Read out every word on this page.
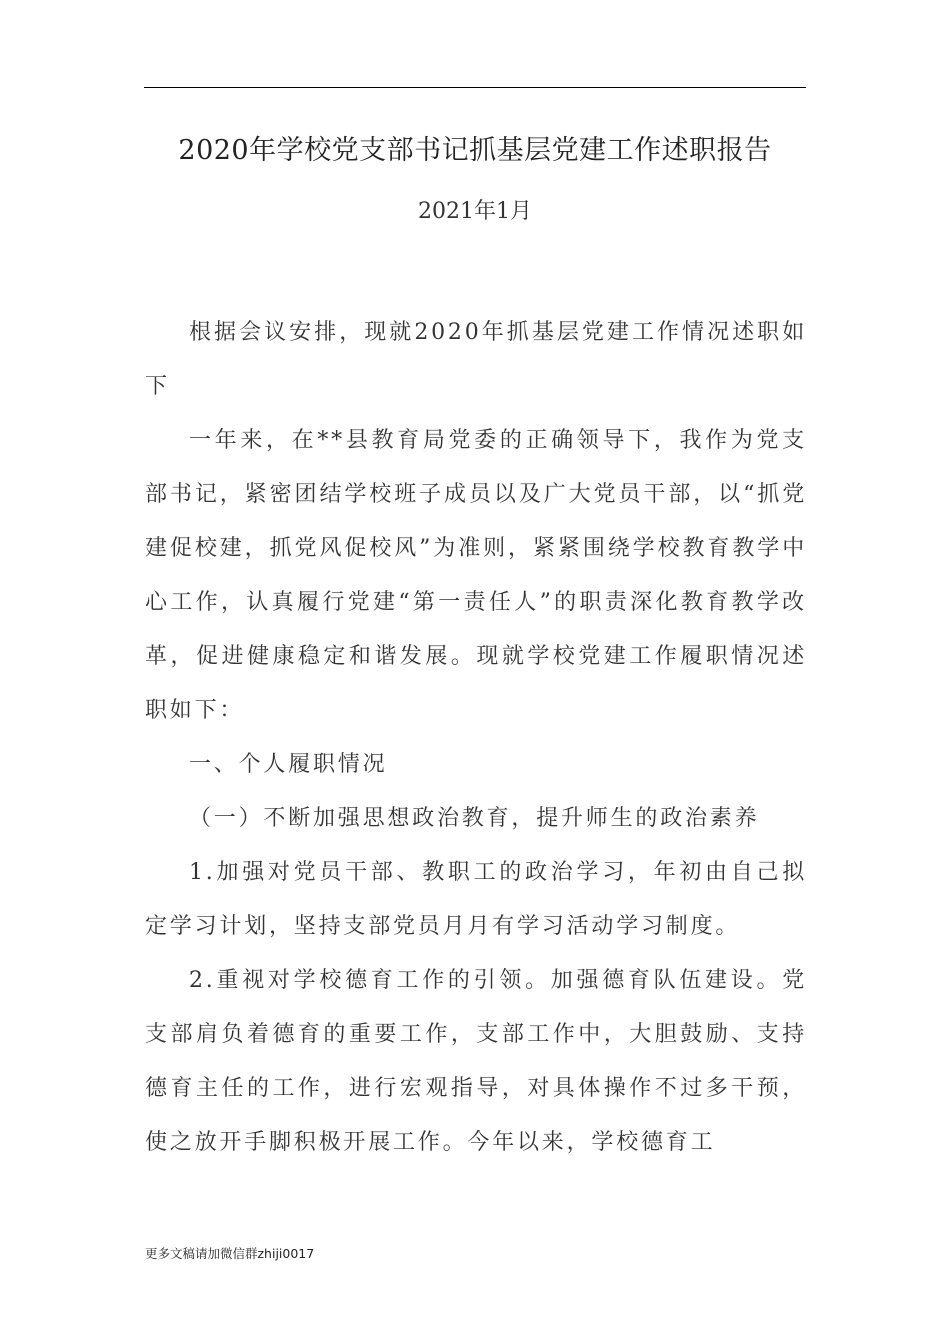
2020年学校党支部书记抓基层党建工作述职报告
2021年1月

根据会议安排，现就2020年抓基层党建工作情况述职如下

一年来，在**县教育局党委的正确领导下，我作为党支部书记，紧密团结学校班子成员以及广大党员干部，以“抓党建促校建，抓党风促校风”为准则，紧紧围绕学校教育教学中心工作，认真履行党建“第一责任人”的职责深化教育教学改革，促进健康稳定和谐发展。现就学校党建工作履职情况述职如下：

一、个人履职情况

（一）不断加强思想政治教育，提升师生的政治素养

1.加强对党员干部、教职工的政治学习，年初由自己拟定学习计划，坚持支部党员月月有学习活动学习制度。

2.重视对学校德育工作的引领。加强德育队伍建设。党支部肩负着德育的重要工作，支部工作中，大胆鼓励、支持德育主任的工作，进行宏观指导，对具体操作不过多干预，使之放开手脚积极开展工作。今年以来，学校德育工

更多文稿请加微信群zhiji0017
